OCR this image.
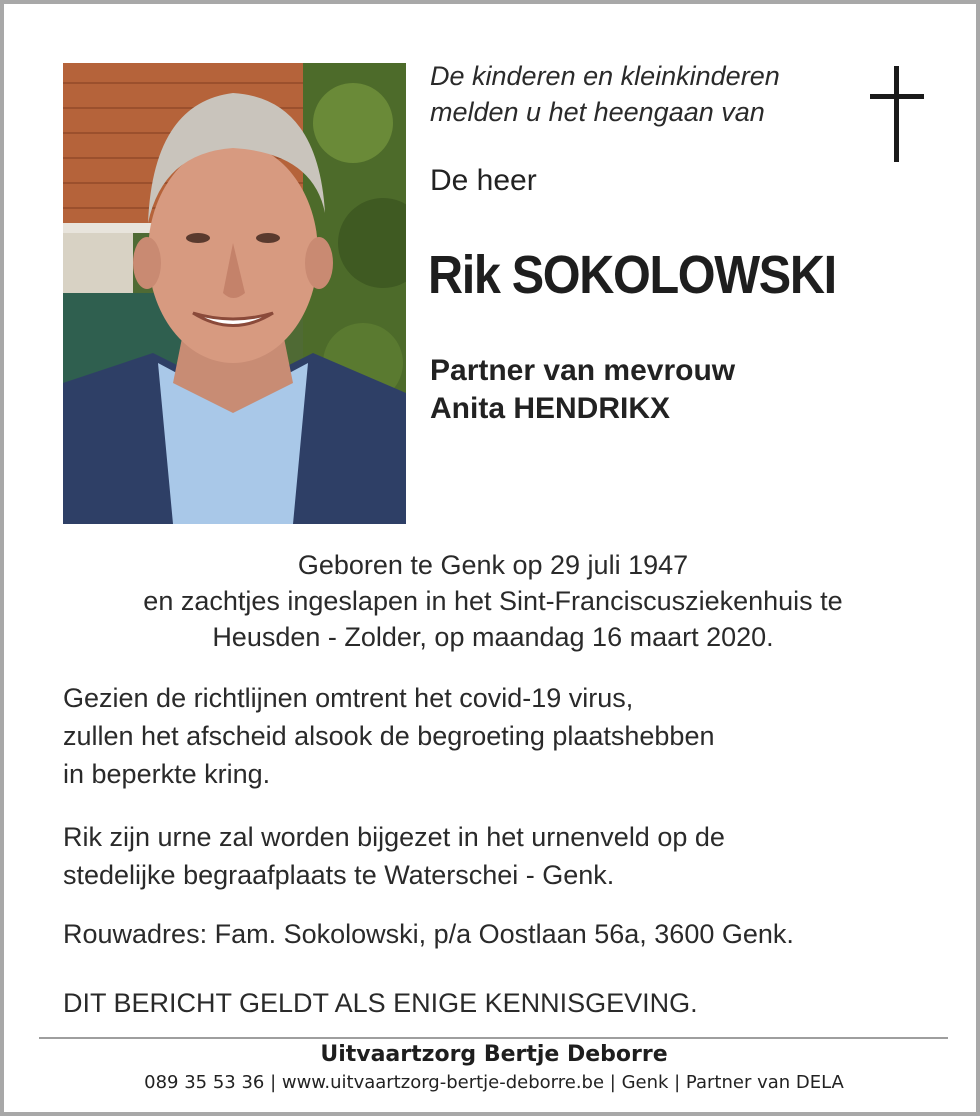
De kinderen en kleinkinderen
melden u het heengaan van
De heer
Rik SOKOLOWSKI
Partner van mevrouw
Anita HENDRIKX
Geboren te Genk op 29 juli 1947
en zachtjes ingeslapen in het Sint-Franciscusziekenhuis te
Heusden - Zolder, op maandag 16 maart 2020.
Gezien de richtlijnen omtrent het covid-19 virus,
zullen het afscheid alsook de begroeting plaatshebben
in beperkte kring.
Rik zijn urne zal worden bijgezet in het urnenveld op de
stedelijke begraafplaats te Waterschei - Genk.
Rouwadres: Fam. Sokolowski, p/a Oostlaan 56a, 3600 Genk.
DIT BERICHT GELDT ALS ENIGE KENNISGEVING.
Uitvaartzorg Bertje Deborre
089 35 53 36 | www.uitvaartzorg-bertje-deborre.be | Genk | Partner van DELA
